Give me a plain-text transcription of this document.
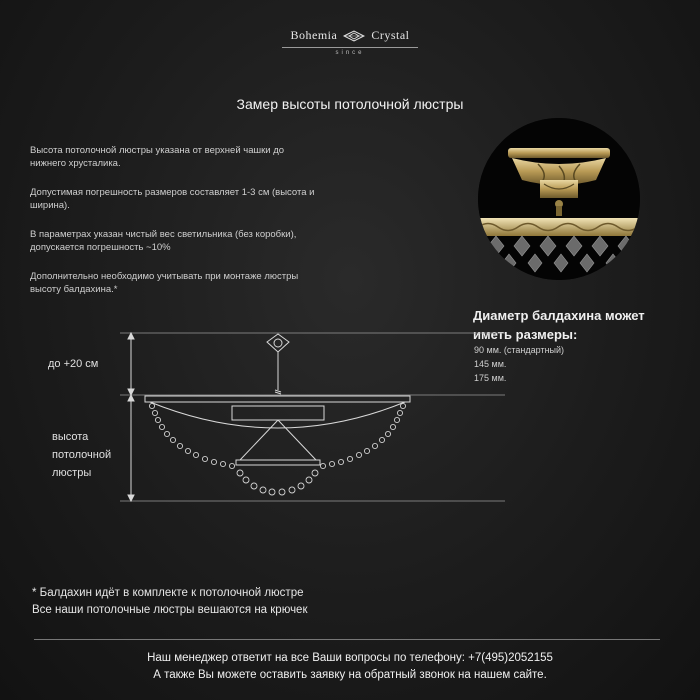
Bohemia	Crystal
since
Замер высоты потолочной люстры
Высота потолочной люстры указана от верхней чашки до нижнего хрусталика.
Допустимая погрешность размеров составляет 1-3 см (высота и ширина).
В параметрах указан чистый вес светильника (без коробки), допускается погрешность ~10%
Дополнительно необходимо учитывать при монтаже люстры высоту балдахина.*
Диаметр балдахина может иметь размеры:
90 мм. (стандартный)
145 мм.
175 мм.
до +20 см
высота потолочной люстры
* Балдахин идёт в комплекте к потолочной люстре
Все наши потолочные люстры вешаются на крючек
Наш менеджер ответит на все Ваши вопросы по телефону: +7(495)2052155
А также Вы можете оставить заявку на обратный звонок на нашем сайте.
